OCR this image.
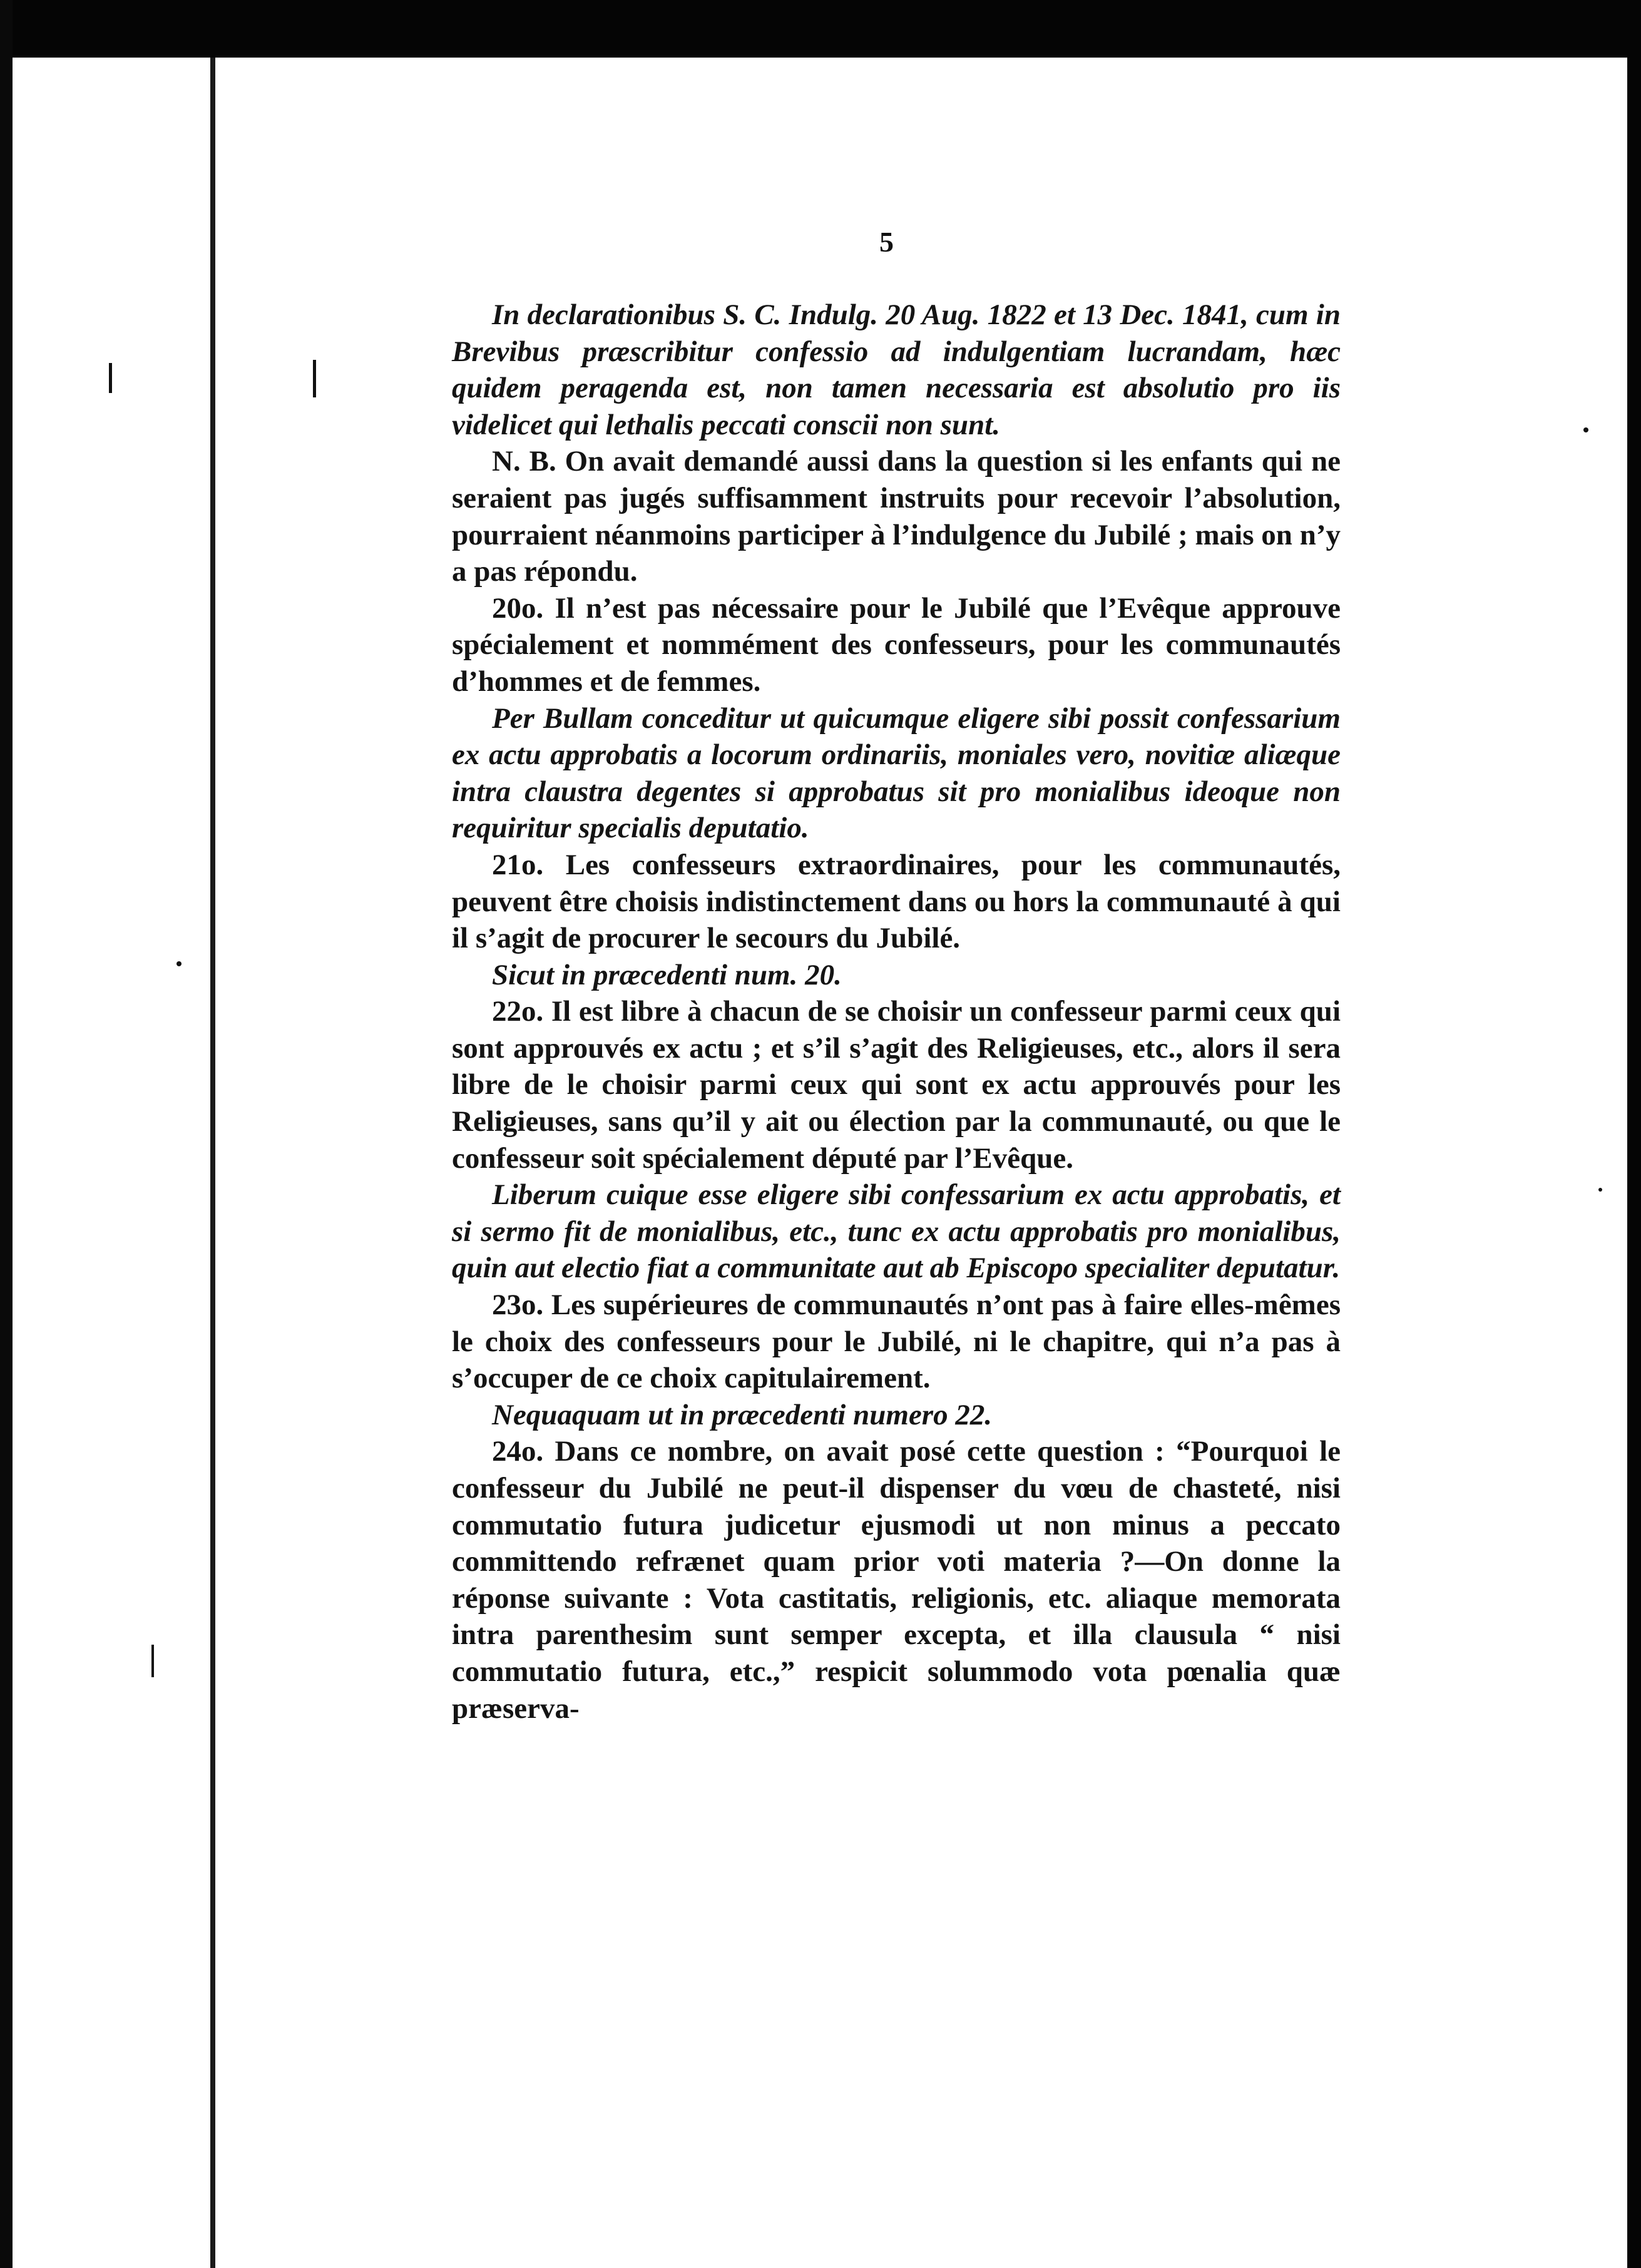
5

In declarationibus S. C. Indulg. 20 Aug. 1822 et 13 Dec. 1841, cum in Brevibus præscribitur confessio ad indulgentiam lucrandam, hæc quidem peragenda est, non tamen necessaria est absolutio pro iis videlicet qui lethalis peccati conscii non sunt.

N. B. On avait demandé aussi dans la question si les enfants qui ne seraient pas jugés suffisamment instruits pour recevoir l’absolution, pourraient néanmoins participer à l’indulgence du Jubilé ; mais on n’y a pas répondu.

20o. Il n’est pas nécessaire pour le Jubilé que l’Evêque approuve spécialement et nommément des confesseurs, pour les communautés d’hommes et de femmes.

Per Bullam conceditur ut quicumque eligere sibi possit confessarium ex actu approbatis a locorum ordinariis, moniales vero, novitiæ aliæque intra claustra degentes si approbatus sit pro monialibus ideoque non requiritur specialis deputatio.

21o. Les confesseurs extraordinaires, pour les communautés, peuvent être choisis indistinctement dans ou hors la communauté à qui il s’agit de procurer le secours du Jubilé.

Sicut in præcedenti num. 20.

22o. Il est libre à chacun de se choisir un confesseur parmi ceux qui sont approuvés ex actu ; et s’il s’agit des Religieuses, etc., alors il sera libre de le choisir parmi ceux qui sont ex actu approuvés pour les Religieuses, sans qu’il y ait ou élection par la communauté, ou que le confesseur soit spécialement député par l’Evêque.

Liberum cuique esse eligere sibi confessarium ex actu approbatis, et si sermo fit de monialibus, etc., tunc ex actu approbatis pro monialibus, quin aut electio fiat a communitate aut ab Episcopo specialiter deputatur.

23o. Les supérieures de communautés n’ont pas à faire elles-mêmes le choix des confesseurs pour le Jubilé, ni le chapitre, qui n’a pas à s’occuper de ce choix capitulairement.

Nequaquam ut in præcedenti numero 22.

24o. Dans ce nombre, on avait posé cette question : “Pourquoi le confesseur du Jubilé ne peut-il dispenser du vœu de chasteté, nisi commutatio futura judicetur ejusmodi ut non minus a peccato committendo refrænet quam prior voti materia ?—On donne la réponse suivante : Vota castitatis, religionis, etc. aliaque memorata intra parenthesim sunt semper excepta, et illa clausula “ nisi commutatio futura, etc.,” respicit solummodo vota pœnalia quæ præserva-
